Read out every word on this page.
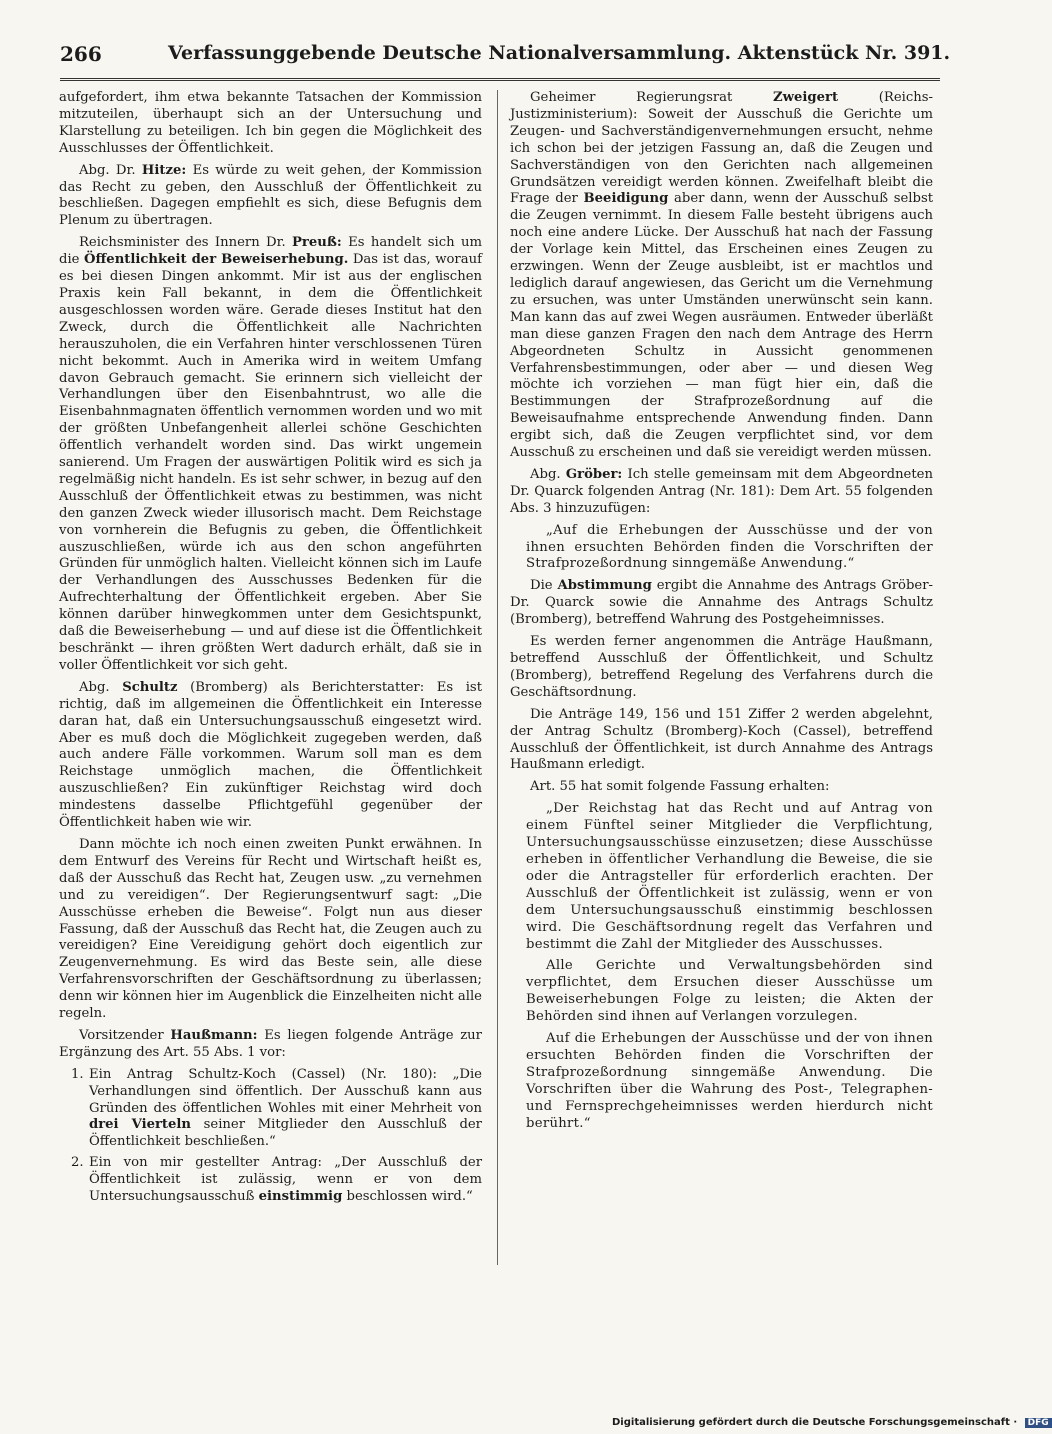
266	Verfassunggebende Deutsche Nationalversammlung. Aktenstück Nr. 391.

aufgefordert, ihm etwa bekannte Tatsachen der Kommission mitzuteilen, überhaupt sich an der Untersuchung und Klarstellung zu beteiligen. Ich bin gegen die Möglichkeit des Ausschlusses der Öffentlichkeit.

Abg. Dr. Hitze: Es würde zu weit gehen, der Kommission das Recht zu geben, den Ausschluß der Öffentlichkeit zu beschließen. Dagegen empfiehlt es sich, diese Befugnis dem Plenum zu übertragen.

Reichsminister des Innern Dr. Preuß: Es handelt sich um die Öffentlichkeit der Beweiserhebung. Das ist das, worauf es bei diesen Dingen ankommt. Mir ist aus der englischen Praxis kein Fall bekannt, in dem die Öffentlichkeit ausgeschlossen worden wäre. Gerade dieses Institut hat den Zweck, durch die Öffentlichkeit alle Nachrichten herauszuholen, die ein Verfahren hinter verschlossenen Türen nicht bekommt. Auch in Amerika wird in weitem Umfang davon Gebrauch gemacht. Sie erinnern sich vielleicht der Verhandlungen über den Eisenbahntrust, wo alle die Eisenbahnmagnaten öffentlich vernommen worden und wo mit der größten Unbefangenheit allerlei schöne Geschichten öffentlich verhandelt worden sind. Das wirkt ungemein sanierend. Um Fragen der auswärtigen Politik wird es sich ja regelmäßig nicht handeln. Es ist sehr schwer, in bezug auf den Ausschluß der Öffentlichkeit etwas zu bestimmen, was nicht den ganzen Zweck wieder illusorisch macht. Dem Reichstage von vornherein die Befugnis zu geben, die Öffentlichkeit auszuschließen, würde ich aus den schon angeführten Gründen für unmöglich halten. Vielleicht können sich im Laufe der Verhandlungen des Ausschusses Bedenken für die Aufrechterhaltung der Öffentlichkeit ergeben. Aber Sie können darüber hinwegkommen unter dem Gesichtspunkt, daß die Beweiserhebung — und auf diese ist die Öffentlichkeit beschränkt — ihren größten Wert dadurch erhält, daß sie in voller Öffentlichkeit vor sich geht.

Abg. Schultz (Bromberg) als Berichterstatter: Es ist richtig, daß im allgemeinen die Öffentlichkeit ein Interesse daran hat, daß ein Untersuchungsausschuß eingesetzt wird. Aber es muß doch die Möglichkeit zugegeben werden, daß auch andere Fälle vorkommen. Warum soll man es dem Reichstage unmöglich machen, die Öffentlichkeit auszuschließen? Ein zukünftiger Reichstag wird doch mindestens dasselbe Pflichtgefühl gegenüber der Öffentlichkeit haben wie wir.

Dann möchte ich noch einen zweiten Punkt erwähnen. In dem Entwurf des Vereins für Recht und Wirtschaft heißt es, daß der Ausschuß das Recht hat, Zeugen usw. „zu vernehmen und zu vereidigen“. Der Regierungsentwurf sagt: „Die Ausschüsse erheben die Beweise“. Folgt nun aus dieser Fassung, daß der Ausschuß das Recht hat, die Zeugen auch zu vereidigen? Eine Vereidigung gehört doch eigentlich zur Zeugenvernehmung. Es wird das Beste sein, alle diese Verfahrensvorschriften der Geschäftsordnung zu überlassen; denn wir können hier im Augenblick die Einzelheiten nicht alle regeln.

Vorsitzender Haußmann: Es liegen folgende Anträge zur Ergänzung des Art. 55 Abs. 1 vor:

1. Ein Antrag Schultz-Koch (Cassel) (Nr. 180): „Die Verhandlungen sind öffentlich. Der Ausschuß kann aus Gründen des öffentlichen Wohles mit einer Mehrheit von drei Vierteln seiner Mitglieder den Ausschluß der Öffentlichkeit beschließen.“
2. Ein von mir gestellter Antrag: „Der Ausschluß der Öffentlichkeit ist zulässig, wenn er von dem Untersuchungsausschuß einstimmig beschlossen wird.“

Geheimer Regierungsrat	Zweigert	(Reichs-Justizministerium): Soweit der Ausschuß die Gerichte um Zeugen- und Sachverständigenvernehmungen ersucht, nehme ich schon bei der jetzigen Fassung an, daß die Zeugen und Sachverständigen von den Gerichten nach allgemeinen Grundsätzen vereidigt werden können. Zweifelhaft bleibt die Frage der Beeidigung aber dann, wenn der Ausschuß selbst die Zeugen vernimmt. In diesem Falle besteht übrigens auch noch eine andere Lücke. Der Ausschuß hat nach der Fassung der Vorlage kein Mittel, das Erscheinen eines Zeugen zu erzwingen. Wenn der Zeuge ausbleibt, ist er machtlos und lediglich darauf angewiesen, das Gericht um die Vernehmung zu ersuchen, was unter Umständen unerwünscht sein kann. Man kann das auf zwei Wegen ausräumen. Entweder überläßt man diese ganzen Fragen den nach dem Antrage des Herrn Abgeordneten Schultz in Aussicht genommenen Verfahrensbestimmungen, oder aber — und diesen Weg möchte ich vorziehen — man fügt hier ein, daß die Bestimmungen der Strafprozeßordnung auf die Beweisaufnahme entsprechende Anwendung finden. Dann ergibt sich, daß die Zeugen verpflichtet sind, vor dem Ausschuß zu erscheinen und daß sie vereidigt werden müssen.

Abg. Gröber: Ich stelle gemeinsam mit dem Abgeordneten Dr. Quarck folgenden Antrag (Nr. 181): Dem Art. 55 folgenden Abs. 3 hinzuzufügen:

„Auf die Erhebungen der Ausschüsse und der von ihnen ersuchten Behörden finden die Vorschriften der Strafprozeßordnung sinngemäße Anwendung.“

Die Abstimmung ergibt die Annahme des Antrags Gröber-Dr. Quarck sowie die Annahme des Antrags Schultz (Bromberg), betreffend Wahrung des Postgeheimnisses.

Es werden ferner angenommen die Anträge Haußmann, betreffend Ausschluß der Öffentlichkeit, und Schultz (Bromberg), betreffend Regelung des Verfahrens durch die Geschäftsordnung.

Die Anträge 149, 156 und 151 Ziffer 2 werden abgelehnt, der Antrag Schultz (Bromberg)-Koch (Cassel), betreffend Ausschluß der Öffentlichkeit, ist durch Annahme des Antrags Haußmann erledigt.

Art. 55 hat somit folgende Fassung erhalten:

„Der Reichstag hat das Recht und auf Antrag von einem Fünftel seiner Mitglieder die Verpflichtung, Untersuchungsausschüsse einzusetzen; diese Ausschüsse erheben in öffentlicher Verhandlung die Beweise, die sie oder die Antragsteller für erforderlich erachten. Der Ausschluß der Öffentlichkeit ist zulässig, wenn er von dem Untersuchungsausschuß einstimmig beschlossen wird. Die Geschäftsordnung regelt das Verfahren und bestimmt die Zahl der Mitglieder des Ausschusses.

Alle Gerichte und Verwaltungsbehörden sind verpflichtet, dem Ersuchen dieser Ausschüsse um Beweiserhebungen Folge zu leisten; die Akten der Behörden sind ihnen auf Verlangen vorzulegen.

Auf die Erhebungen der Ausschüsse und der von ihnen ersuchten Behörden finden die Vorschriften der Strafprozeßordnung sinngemäße Anwendung. Die Vorschriften über die Wahrung des Post-, Telegraphen- und Fernsprechgeheimnisses werden hierdurch nicht berührt.“

Digitalisierung gefördert durch die Deutsche Forschungsgemeinschaft · DFG
